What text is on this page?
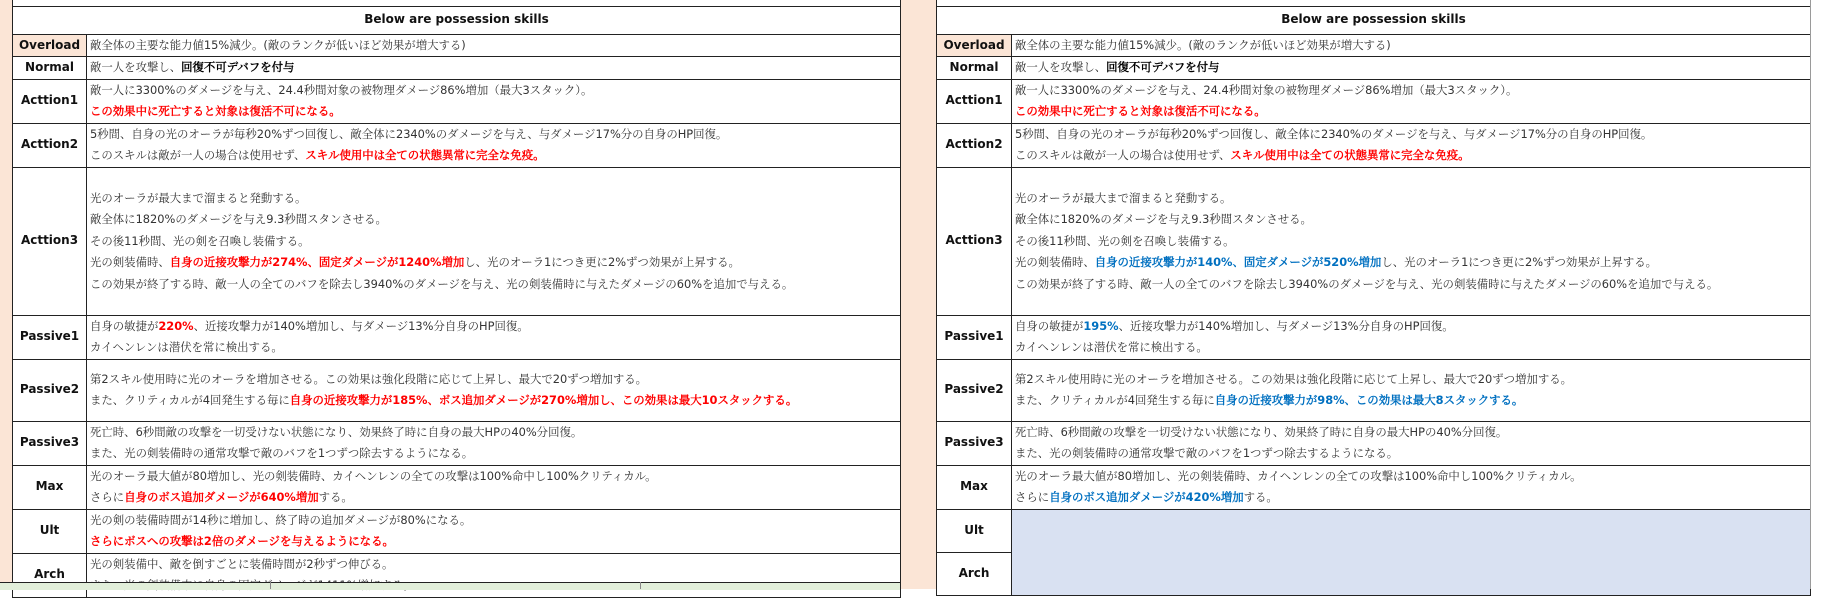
Below are possession skills	
Overload	敵全体の主要な能力値15%減少。(敵のランクが低いほど効果が増大する)
Normal	敵一人を攻撃し、回復不可デバフを付与
Acttion1	敵一人に3300%のダメージを与え、24.4秒間対象の被物理ダメージ86%増加（最大3スタック）。
この効果中に死亡すると対象は復活不可になる。

Acttion2	5秒間、自身の光のオーラが毎秒20%ずつ回復し、敵全体に2340%のダメージを与え、与ダメージ17%分の自身のHP回復。
このスキルは敵が一人の場合は使用せず、スキル使用中は全ての状態異常に完全な免疫。

Acttion3	光のオーラが最大まで溜まると発動する。
敵全体に1820%のダメージを与え9.3秒間スタンさせる。
その後11秒間、光の剣を召喚し装備する。
光の剣装備時、自身の近接攻撃力が274%、固定ダメージが1240%増加し、光のオーラ1につき更に2%ずつ効果が上昇する。
この効果が終了する時、敵一人の全てのバフを除去し3940%のダメージを与え、光の剣装備時に与えたダメージの60%を追加で与える。

Passive1	自身の敏捷が220%、近接攻撃力が140%増加し、与ダメージ13%分自身のHP回復。
カイヘンレンは潜伏を常に検出する。

Passive2	第2スキル使用時に光のオーラを増加させる。この効果は強化段階に応じて上昇し、最大で20ずつ増加する。
また、クリティカルが4回発生する毎に自身の近接攻撃力が185%、ボス追加ダメージが270%増加し、この効果は最大10スタックする。

Passive3	死亡時、6秒間敵の攻撃を一切受けない状態になり、効果終了時に自身の最大HPの40%分回復。
また、光の剣装備時の通常攻撃で敵のバフを1つずつ除去するようになる。

Max	光のオーラ最大値が80増加し、光の剣装備時、カイヘンレンの全ての攻撃は100%命中し100%クリティカル。
さらに自身のボス追加ダメージが640%増加する。

Ult	光の剣の装備時間が14秒に増加し、終了時の追加ダメージが80%になる。
さらにボスへの攻撃は2倍のダメージを与えるようになる。

Arch	光の剣装備中、敵を倒すごとに装備時間が2秒ずつ伸びる。

Below are possession skills	
Overload	敵全体の主要な能力値15%減少。(敵のランクが低いほど効果が増大する)
Normal	敵一人を攻撃し、回復不可デバフを付与
Acttion1	敵一人に3300%のダメージを与え、24.4秒間対象の被物理ダメージ86%増加（最大3スタック）。
この効果中に死亡すると対象は復活不可になる。

Acttion2	5秒間、自身の光のオーラが毎秒20%ずつ回復し、敵全体に2340%のダメージを与え、与ダメージ17%分の自身のHP回復。
このスキルは敵が一人の場合は使用せず、スキル使用中は全ての状態異常に完全な免疫。

Acttion3	光のオーラが最大まで溜まると発動する。
敵全体に1820%のダメージを与え9.3秒間スタンさせる。
その後11秒間、光の剣を召喚し装備する。
光の剣装備時、自身の近接攻撃力が140%、固定ダメージが520%増加し、光のオーラ1につき更に2%ずつ効果が上昇する。
この効果が終了する時、敵一人の全てのバフを除去し3940%のダメージを与え、光の剣装備時に与えたダメージの60%を追加で与える。

Passive1	自身の敏捷が195%、近接攻撃力が140%増加し、与ダメージ13%分自身のHP回復。
カイヘンレンは潜伏を常に検出する。

Passive2	第2スキル使用時に光のオーラを増加させる。この効果は強化段階に応じて上昇し、最大で20ずつ増加する。
また、クリティカルが4回発生する毎に自身の近接攻撃力が98%、この効果は最大8スタックする。

Passive3	死亡時、6秒間敵の攻撃を一切受けない状態になり、効果終了時に自身の最大HPの40%分回復。
また、光の剣装備時の通常攻撃で敵のバフを1つずつ除去するようになる。

Max	光のオーラ最大値が80増加し、光の剣装備時、カイヘンレンの全ての攻撃は100%命中し100%クリティカル。
さらに自身のボス追加ダメージが420%増加する。

Ult	
Arch	
